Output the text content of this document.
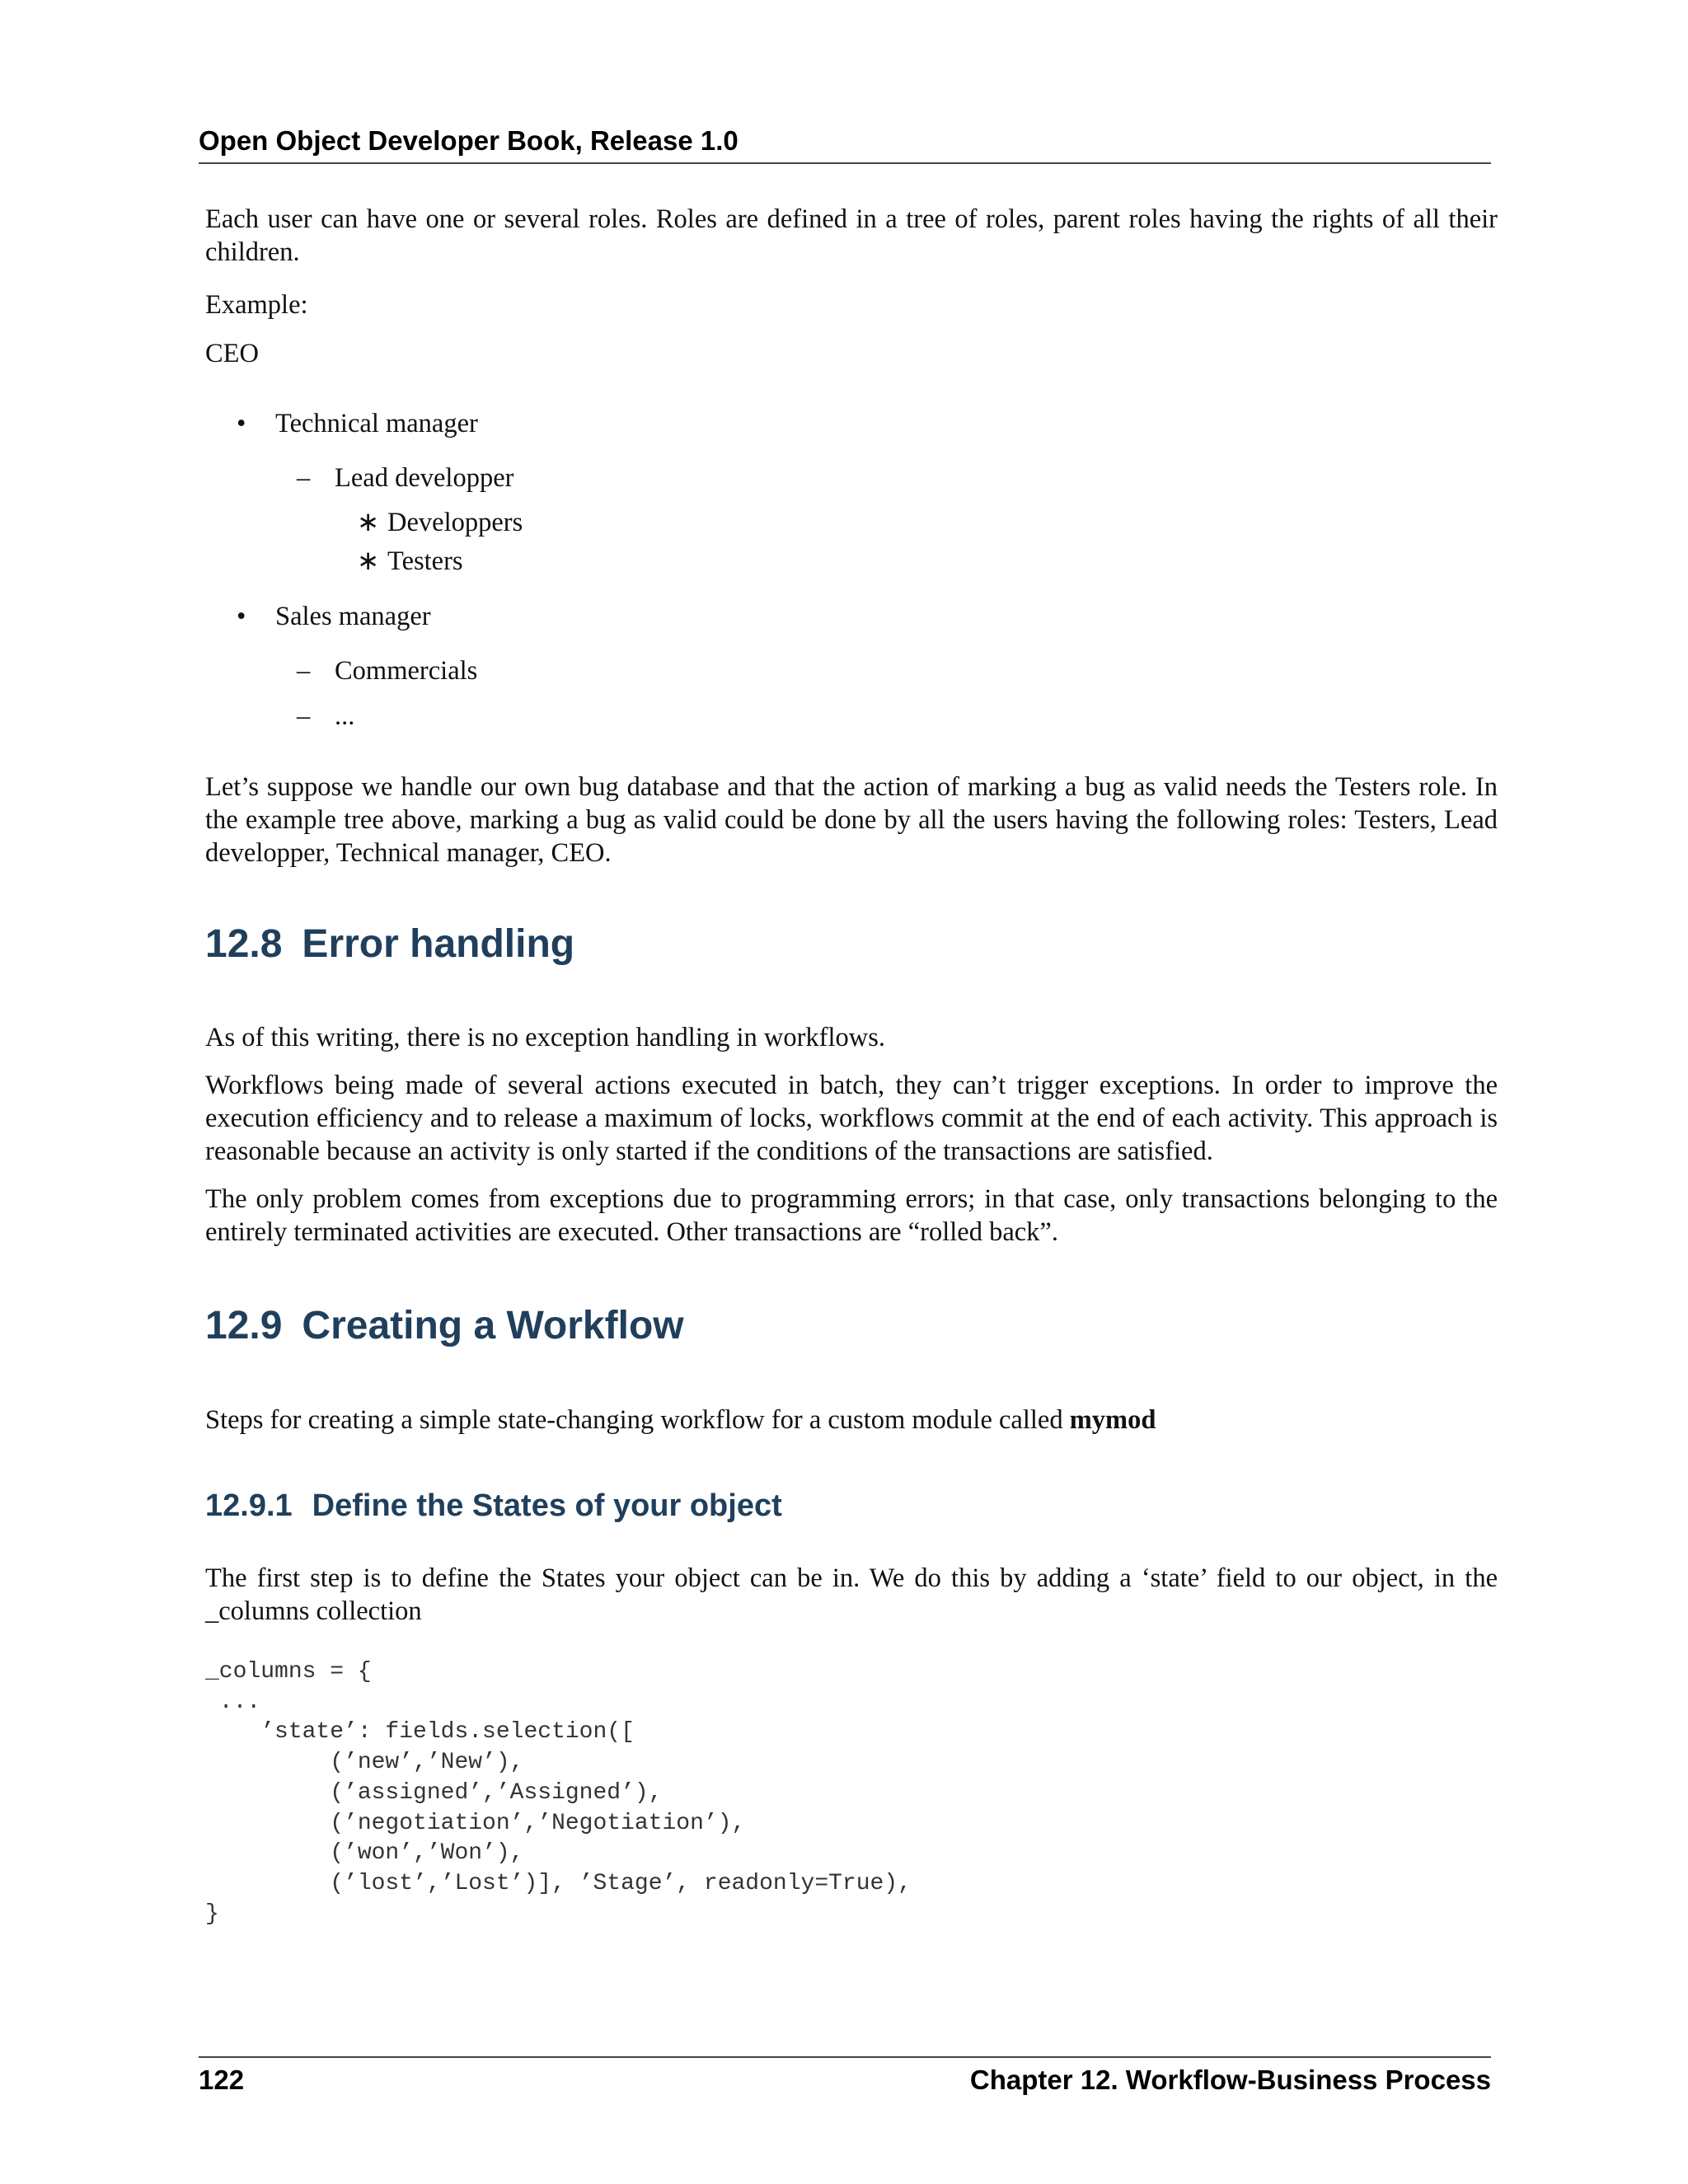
Open Object Developer Book, Release 1.0

Each user can have one or several roles. Roles are defined in a tree of roles, parent roles having the rights of all their children.

Example:

CEO

• Technical manager
– Lead developper
∗ Developpers
∗ Testers
• Sales manager
– Commercials
– ...

Let’s suppose we handle our own bug database and that the action of marking a bug as valid needs the Testers role. In the example tree above, marking a bug as valid could be done by all the users having the following roles: Testers, Lead developper, Technical manager, CEO.

12.8 Error handling

As of this writing, there is no exception handling in workflows.

Workflows being made of several actions executed in batch, they can’t trigger exceptions. In order to improve the execution efficiency and to release a maximum of locks, workflows commit at the end of each activity. This approach is reasonable because an activity is only started if the conditions of the transactions are satisfied.

The only problem comes from exceptions due to programming errors; in that case, only transactions belonging to the entirely terminated activities are executed. Other transactions are “rolled back”.

12.9 Creating a Workflow

Steps for creating a simple state-changing workflow for a custom module called mymod

12.9.1 Define the States of your object

The first step is to define the States your object can be in. We do this by adding a ‘state’ field to our object, in the _columns collection

_columns = {
...
’state’: fields.selection([
(’new’,’New’),
(’assigned’,’Assigned’),
(’negotiation’,’Negotiation’),
(’won’,’Won’),
(’lost’,’Lost’)], ’Stage’, readonly=True),
}
122	Chapter 12. Workflow-Business Process
